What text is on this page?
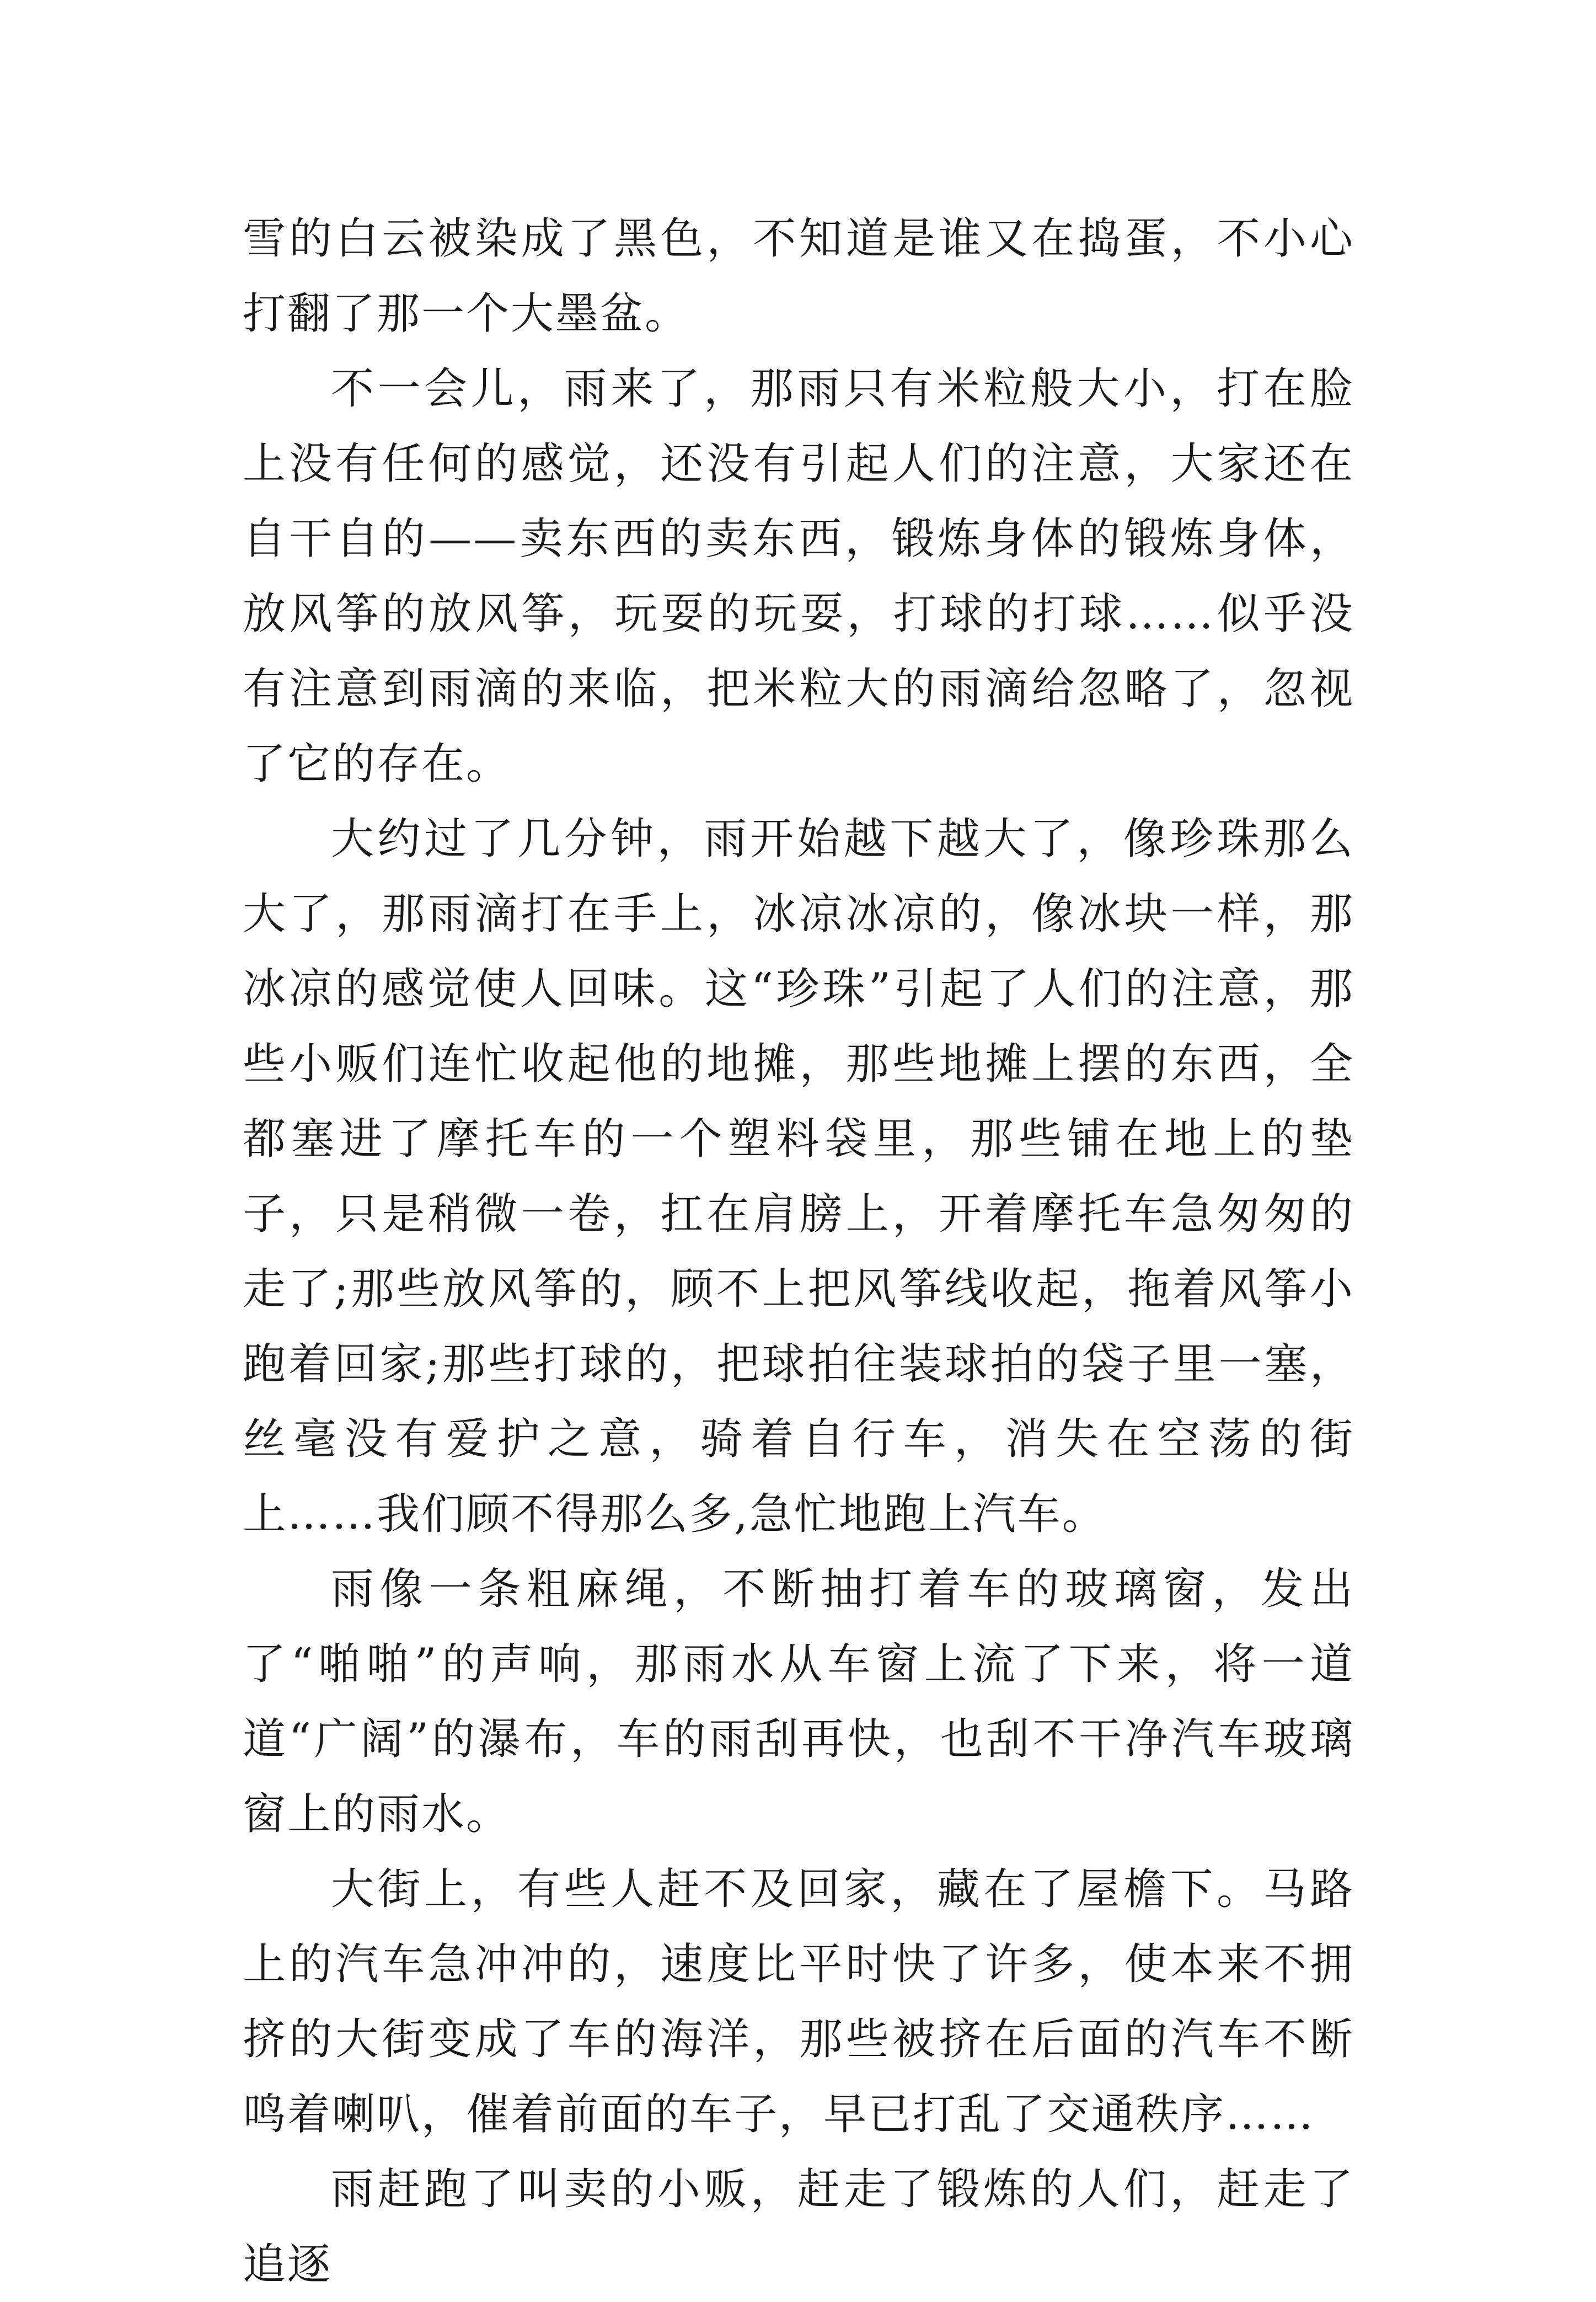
雪的白云被染成了黑色，不知道是谁又在捣蛋，不小心打翻了那一个大墨盆。

不一会儿，雨来了，那雨只有米粒般大小，打在脸上没有任何的感觉，还没有引起人们的注意，大家还在自干自的——卖东西的卖东西，锻炼身体的锻炼身体，放风筝的放风筝，玩耍的玩耍，打球的打球……似乎没有注意到雨滴的来临，把米粒大的雨滴给忽略了，忽视了它的存在。

大约过了几分钟，雨开始越下越大了，像珍珠那么大了，那雨滴打在手上，冰凉冰凉的，像冰块一样，那冰凉的感觉使人回味。这“珍珠”引起了人们的注意，那些小贩们连忙收起他的地摊，那些地摊上摆的东西，全都塞进了摩托车的一个塑料袋里，那些铺在地上的垫子，只是稍微一卷，扛在肩膀上，开着摩托车急匆匆的走了;那些放风筝的，顾不上把风筝线收起，拖着风筝小跑着回家;那些打球的，把球拍往装球拍的袋子里一塞，丝毫没有爱护之意，骑着自行车，消失在空荡的街上……我们顾不得那么多,急忙地跑上汽车。

雨像一条粗麻绳，不断抽打着车的玻璃窗，发出了“啪啪”的声响，那雨水从车窗上流了下来，将一道道“广阔”的瀑布，车的雨刮再快，也刮不干净汽车玻璃窗上的雨水。

大街上，有些人赶不及回家，藏在了屋檐下。马路上的汽车急冲冲的，速度比平时快了许多，使本来不拥挤的大街变成了车的海洋，那些被挤在后面的汽车不断鸣着喇叭，催着前面的车子，早已打乱了交通秩序……

雨赶跑了叫卖的小贩，赶走了锻炼的人们，赶走了追逐
